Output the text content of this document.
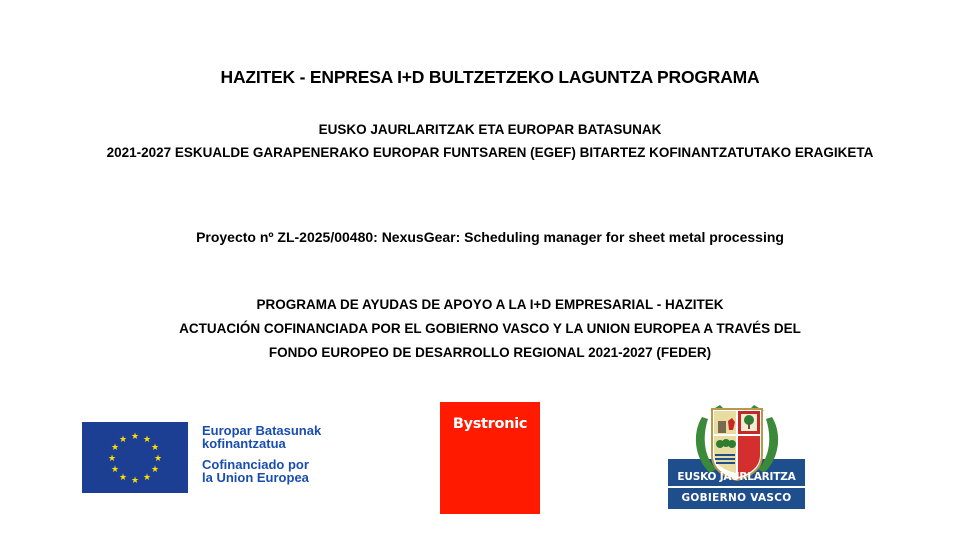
HAZITEK - ENPRESA I+D BULTZETZEKO LAGUNTZA PROGRAMA
EUSKO JAURLARITZAK ETA EUROPAR BATASUNAK
2021-2027 ESKUALDE GARAPENERAKO EUROPAR FUNTSAREN (EGEF) BITARTEZ KOFINANTZATUTAKO ERAGIKETA
Proyecto nº ZL-2025/00480: NexusGear: Scheduling manager for sheet metal processing
PROGRAMA DE AYUDAS DE APOYO A LA I+D EMPRESARIAL - HAZITEK
ACTUACIÓN COFINANCIADA POR EL GOBIERNO VASCO Y LA UNION EUROPEA A TRAVÉS DEL
FONDO EUROPEO DE DESARROLLO REGIONAL 2021-2027 (FEDER)
★ ★
★
★
★
★
★
★
★
★
★
★
Europar Batasunak
kofinantzatua
Cofinanciado por
la Union Europea
Bystronic
EUSKO JAURLARITZA
GOBIERNO VASCO
